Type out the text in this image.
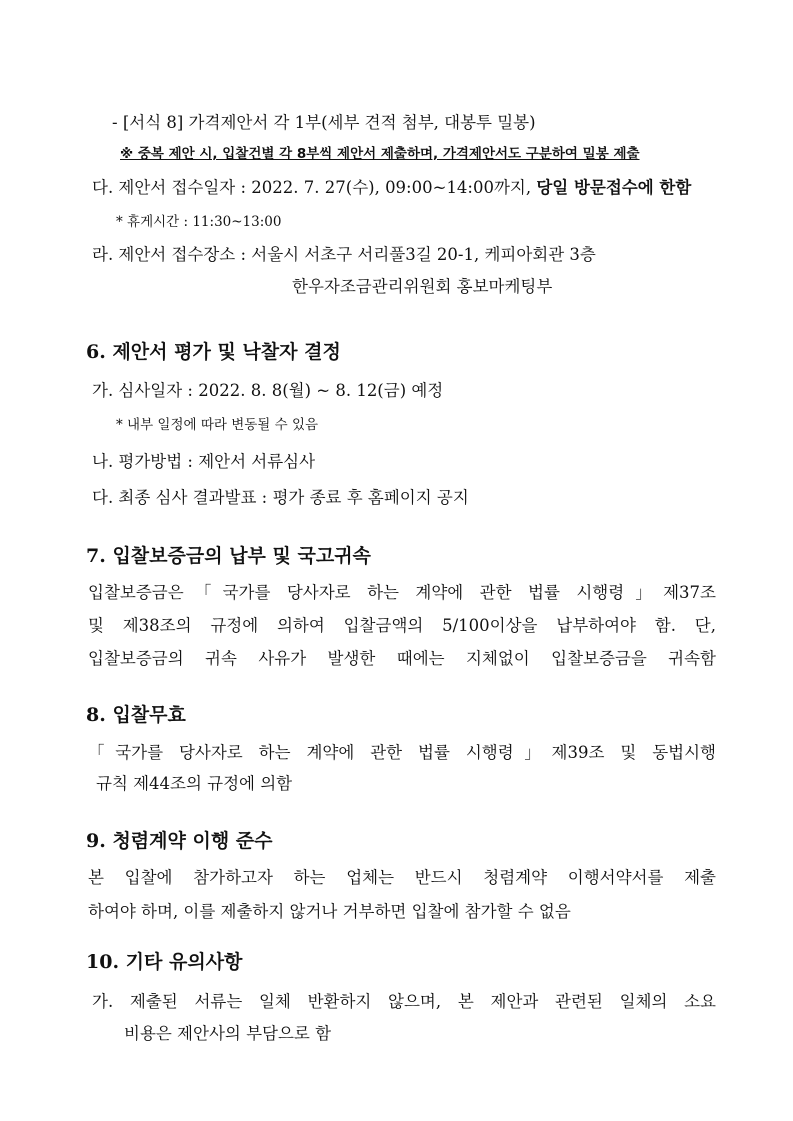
- [서식 8] 가격제안서 각 1부(세부 견적 첨부, 대봉투 밀봉)
※ 중복 제안 시, 입찰건별 각 8부씩 제안서 제출하며, 가격제안서도 구분하여 밀봉 제출
다. 제안서 접수일자 : 2022. 7. 27(수), 09:00~14:00까지, 당일 방문접수에 한함
* 휴게시간 : 11:30~13:00
라. 제안서 접수장소 : 서울시 서초구 서리풀3길 20-1, 케피아회관 3층
한우자조금관리위원회 홍보마케팅부
6. 제안서 평가 및 낙찰자 결정
가. 심사일자 : 2022. 8. 8(월) ~ 8. 12(금) 예정
* 내부 일정에 따라 변동될 수 있음
나. 평가방법 : 제안서 서류심사
다. 최종 심사 결과발표 : 평가 종료 후 홈페이지 공지
7. 입찰보증금의 납부 및 국고귀속
입찰보증금은「국가를 당사자로 하는 계약에 관한 법률 시행령」제37조
및 제38조의 규정에 의하여 입찰금액의 5/100이상을 납부하여야 함. 단,
입찰보증금의 귀속 사유가 발생한 때에는 지체없이 입찰보증금을 귀속함
8. 입찰무효
「국가를 당사자로 하는 계약에 관한 법률 시행령」제39조 및 동법시행
규칙 제44조의 규정에 의함
9. 청렴계약 이행 준수
본 입찰에 참가하고자 하는 업체는 반드시 청렴계약 이행서약서를 제출
하여야 하며, 이를 제출하지 않거나 거부하면 입찰에 참가할 수 없음
10. 기타 유의사항
가. 제출된 서류는 일체 반환하지 않으며, 본 제안과 관련된 일체의 소요
비용은 제안사의 부담으로 함
